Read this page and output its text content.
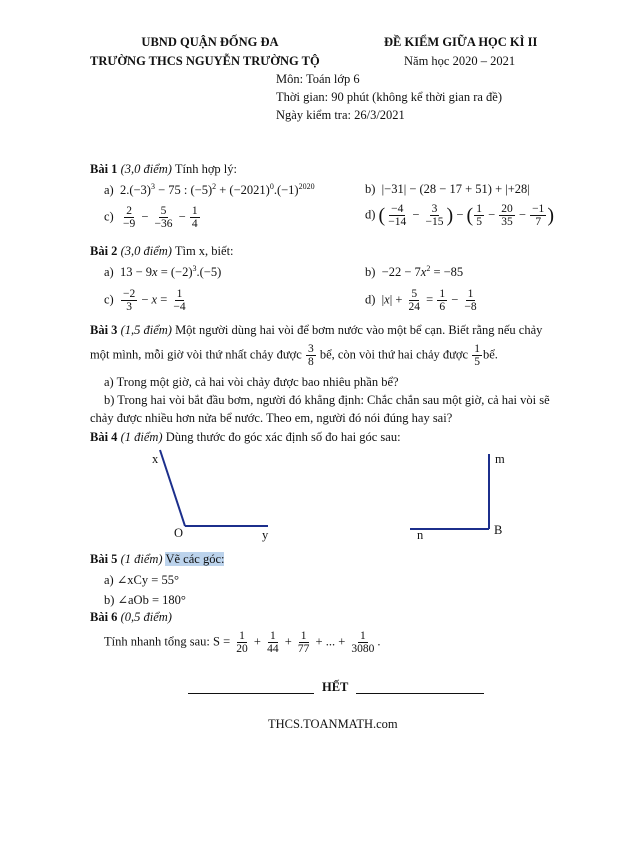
UBND QUẬN ĐỐNG ĐA
TRƯỜNG THCS NGUYỄN TRƯỜNG TỘ
ĐỀ KIỂM GIỮA HỌC KÌ II
Năm học 2020 – 2021
Môn: Toán lớp 6
Thời gian: 90 phút (không kể thời gian ra đề)
Ngày kiểm tra: 26/3/2021
Bài 1 (3,0 điểm) Tính hợp lý:
a)  $2.(-3)^3 - 75$ : $(-5)^2 + (-2021)^0.(-1)^{2020}$	b)  |−31| − (28 − 17 + 51) + |+28|
$c) \frac{2}{-9} - \frac{5}{-36} - \frac{1}{4}$	d) ( $\frac{-4}{-14} - \frac{3}{-15}$ ) − ( $\frac{1}{5} - \frac{20}{35} - \frac{-1}{7}$ )
Bài 2 (3,0 điểm) Tìm x, biết:
a)  $13 - 9x = (-2)^3.(-5)$	$b) -22 - 7x^2 = -85$
$c) \frac{-2}{3} - x = \frac{1}{-4}$	d)  $|x| + \frac{5}{24} = \frac{1}{6} - \frac{1}{-8}$
Bài 3 (1,5 điểm) Một người dùng hai vòi để bơm nước vào một bể cạn. Biết rằng nếu chảy
một mình, mỗi giờ vòi thứ nhất chảy được $\frac{3}{8}$ bể, còn vòi thứ hai chảy được $\frac{1}{5}$ bể.
a) Trong một giờ, cả hai vòi chảy được bao nhiêu phần bể?
b) Trong hai vòi bắt đầu bơm, người đó khẳng định: Chắc chắn sau một giờ, cả hai vòi sẽ
chảy được nhiều hơn nửa bể nước. Theo em, người đó nói đúng hay sai?
Bài 4 (1 điểm) Dùng thước đo góc xác định số đo hai góc sau:
x
O	y
m
n	B
Bài 5 (1 điểm) Vẽ các góc:
a) ∠xCy = 55°
b) ∠aOb = 180°
Bài 6 (0,5 điểm)
Tính nhanh tổng sau: $S = \frac{1}{20} + \frac{1}{44} + \frac{1}{77}$ + ... + $\frac{1}{3080}$ .
HẾT
THCS.TOANMATH.com
